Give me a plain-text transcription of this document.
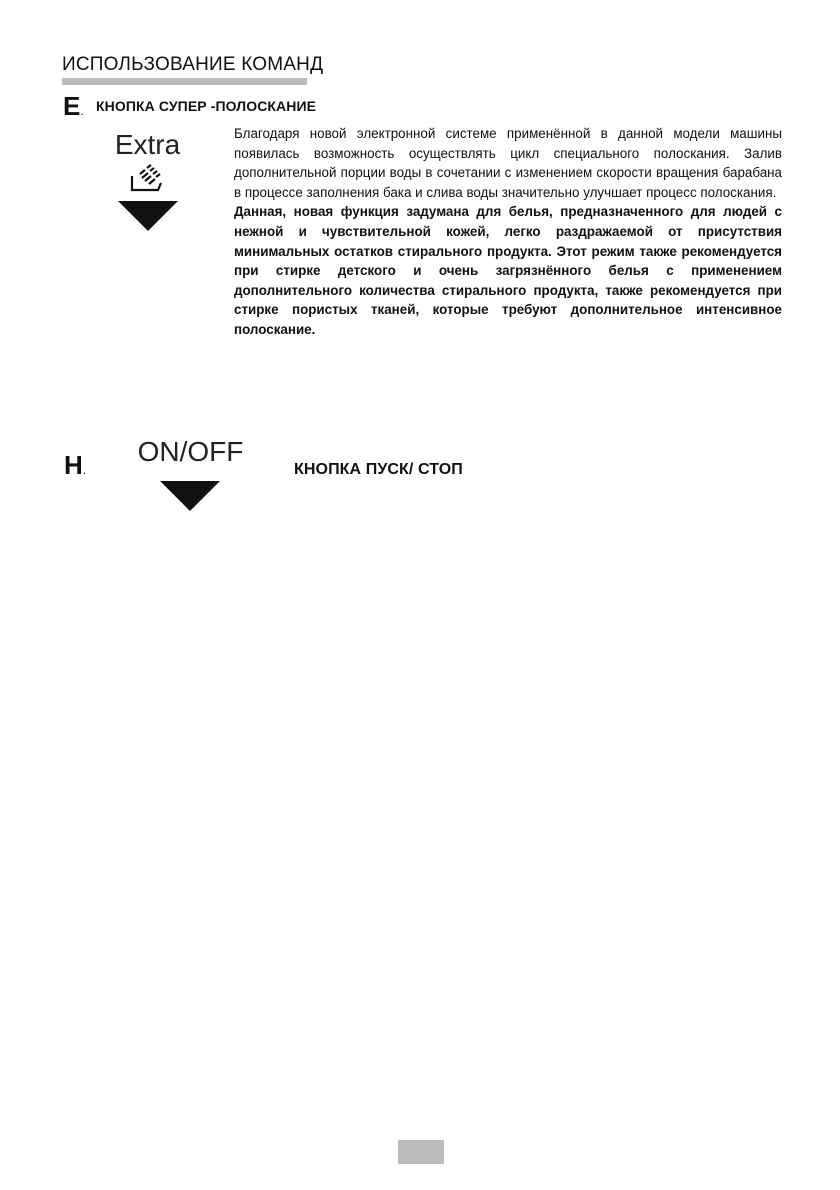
ИСПОЛЬЗОВАНИЕ КОМАНД
E. КНОПКА СУПЕР -ПОЛОСКАНИЕ
Extra	Благодаря новой электронной системе применённой в данной модели машины появилась возможность осуществлять цикл специального полоскания. Залив дополнительной порции воды в сочетании с изменением скорости вращения барабана в процессе заполнения бака и слива воды значительно улучшает процесс полоскания.

Данная, новая функция задумана для белья, предназначенного для людей с нежной и чувствительной кожей, легко раздражаемой от присутствия минимальных остатков стирального продукта. Этот режим также рекомендуется при стирке детского и очень загрязнённого белья с применением дополнительного количества стирального продукта, также рекомендуется при стирке пористых тканей, которые требуют дополнительное интенсивное полоскание.

H.
ON/OFF
КНОПКА ПУСК/ СТОП
